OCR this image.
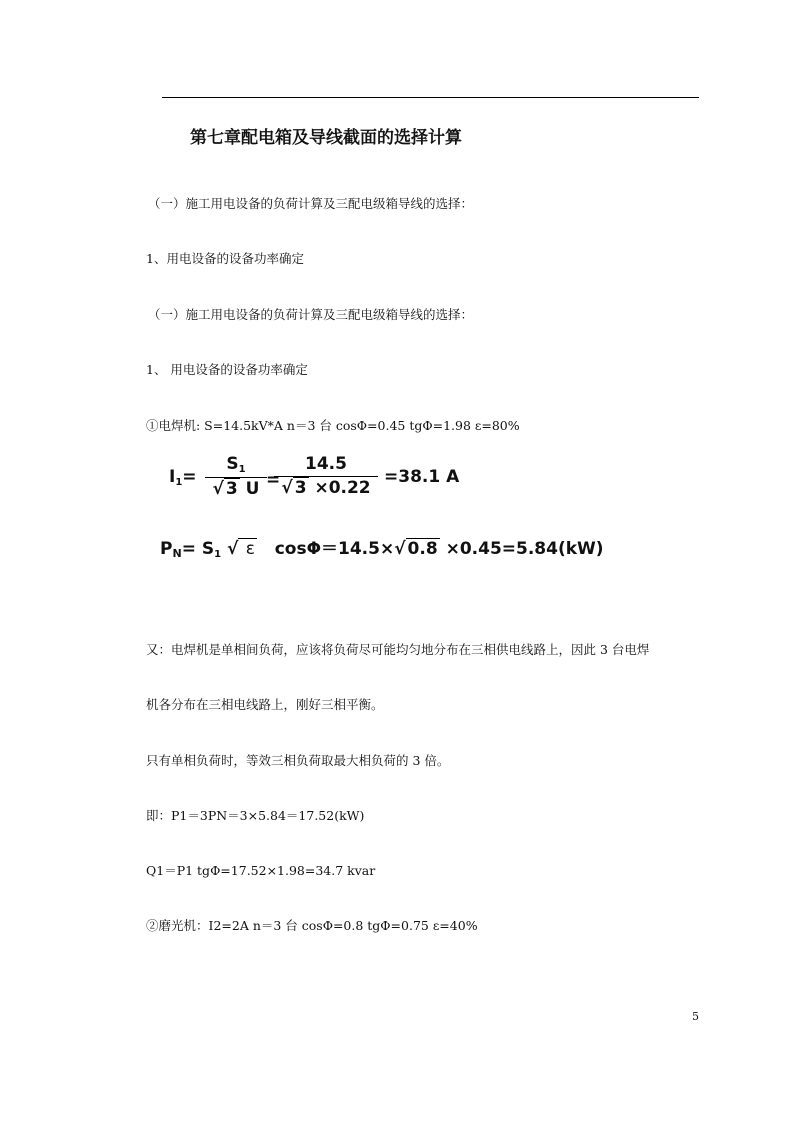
第七章配电箱及导线截面的选择计算
（一）施工用电设备的负荷计算及三配电级箱导线的选择：
1、用电设备的设备功率确定
（一）施工用电设备的负荷计算及三配电级箱导线的选择：
1、 用电设备的设备功率确定
①电焊机: S=14.5kV*A n＝3 台 cosΦ=0.45 tgΦ=1.98 ε=80%
$I_1= \frac{S_1}{√ 3 U}$ =
$\frac{14.5}{√ 3 \times 0.22} =38.1$ A
$P_N= S_1$ √ ε cosΦ＝14.5×√ 0.8 ×0.45=5.84(kW)
又：电焊机是单相间负荷，应该将负荷尽可能均匀地分布在三相供电线路上，因此 3 台电焊
机各分布在三相电线路上，刚好三相平衡。
只有单相负荷时，等效三相负荷取最大相负荷的 3 倍。
即：P1＝3PN＝3×5.84＝17.52(kW)
Q1＝P1 tgΦ=17.52×1.98=34.7 kvar
②磨光机：I2=2A n＝3 台 cosΦ=0.8 tgΦ=0.75 ε=40%
5
